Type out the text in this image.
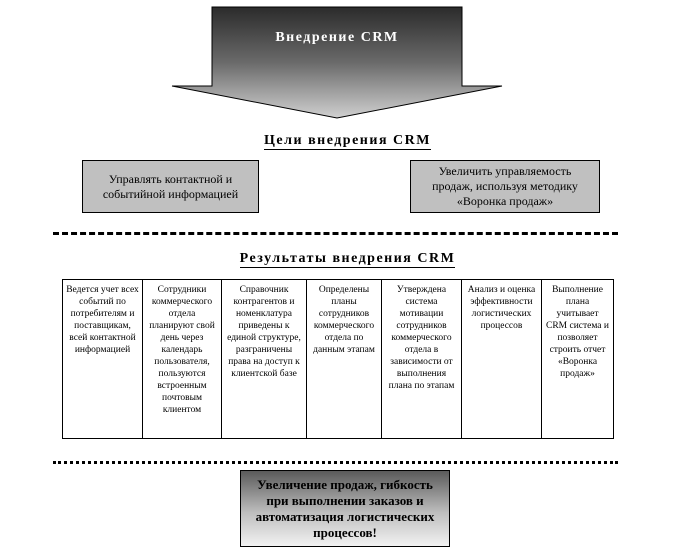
Внедрение CRM
Цели внедрения CRM
Управлять контактной и событийной информацией
Увеличить управляемость продаж, используя методику «Воронка продаж»
Результаты внедрения CRM
Ведется учет всех событий по потребителям и поставщикам, всей контактной информацией	Сотрудники коммерческого отдела планируют свой день через календарь пользователя, пользуются встроенным почтовым клиентом	Справочник контрагентов и номенклатура приведены к единой структуре, разграничены права на доступ к клиентской базе	Определены планы сотрудников коммерческого отдела по данным этапам	Утверждена система мотивации сотрудников коммерческого отдела в зависимости от выполнения плана по этапам	Анализ и оценка эффективности логистических процессов	Выполнение плана учитывает CRM система и позволяет строить отчет «Воронка продаж»
Увеличение продаж, гибкость при выполнении заказов и автоматизация логистических процессов!
